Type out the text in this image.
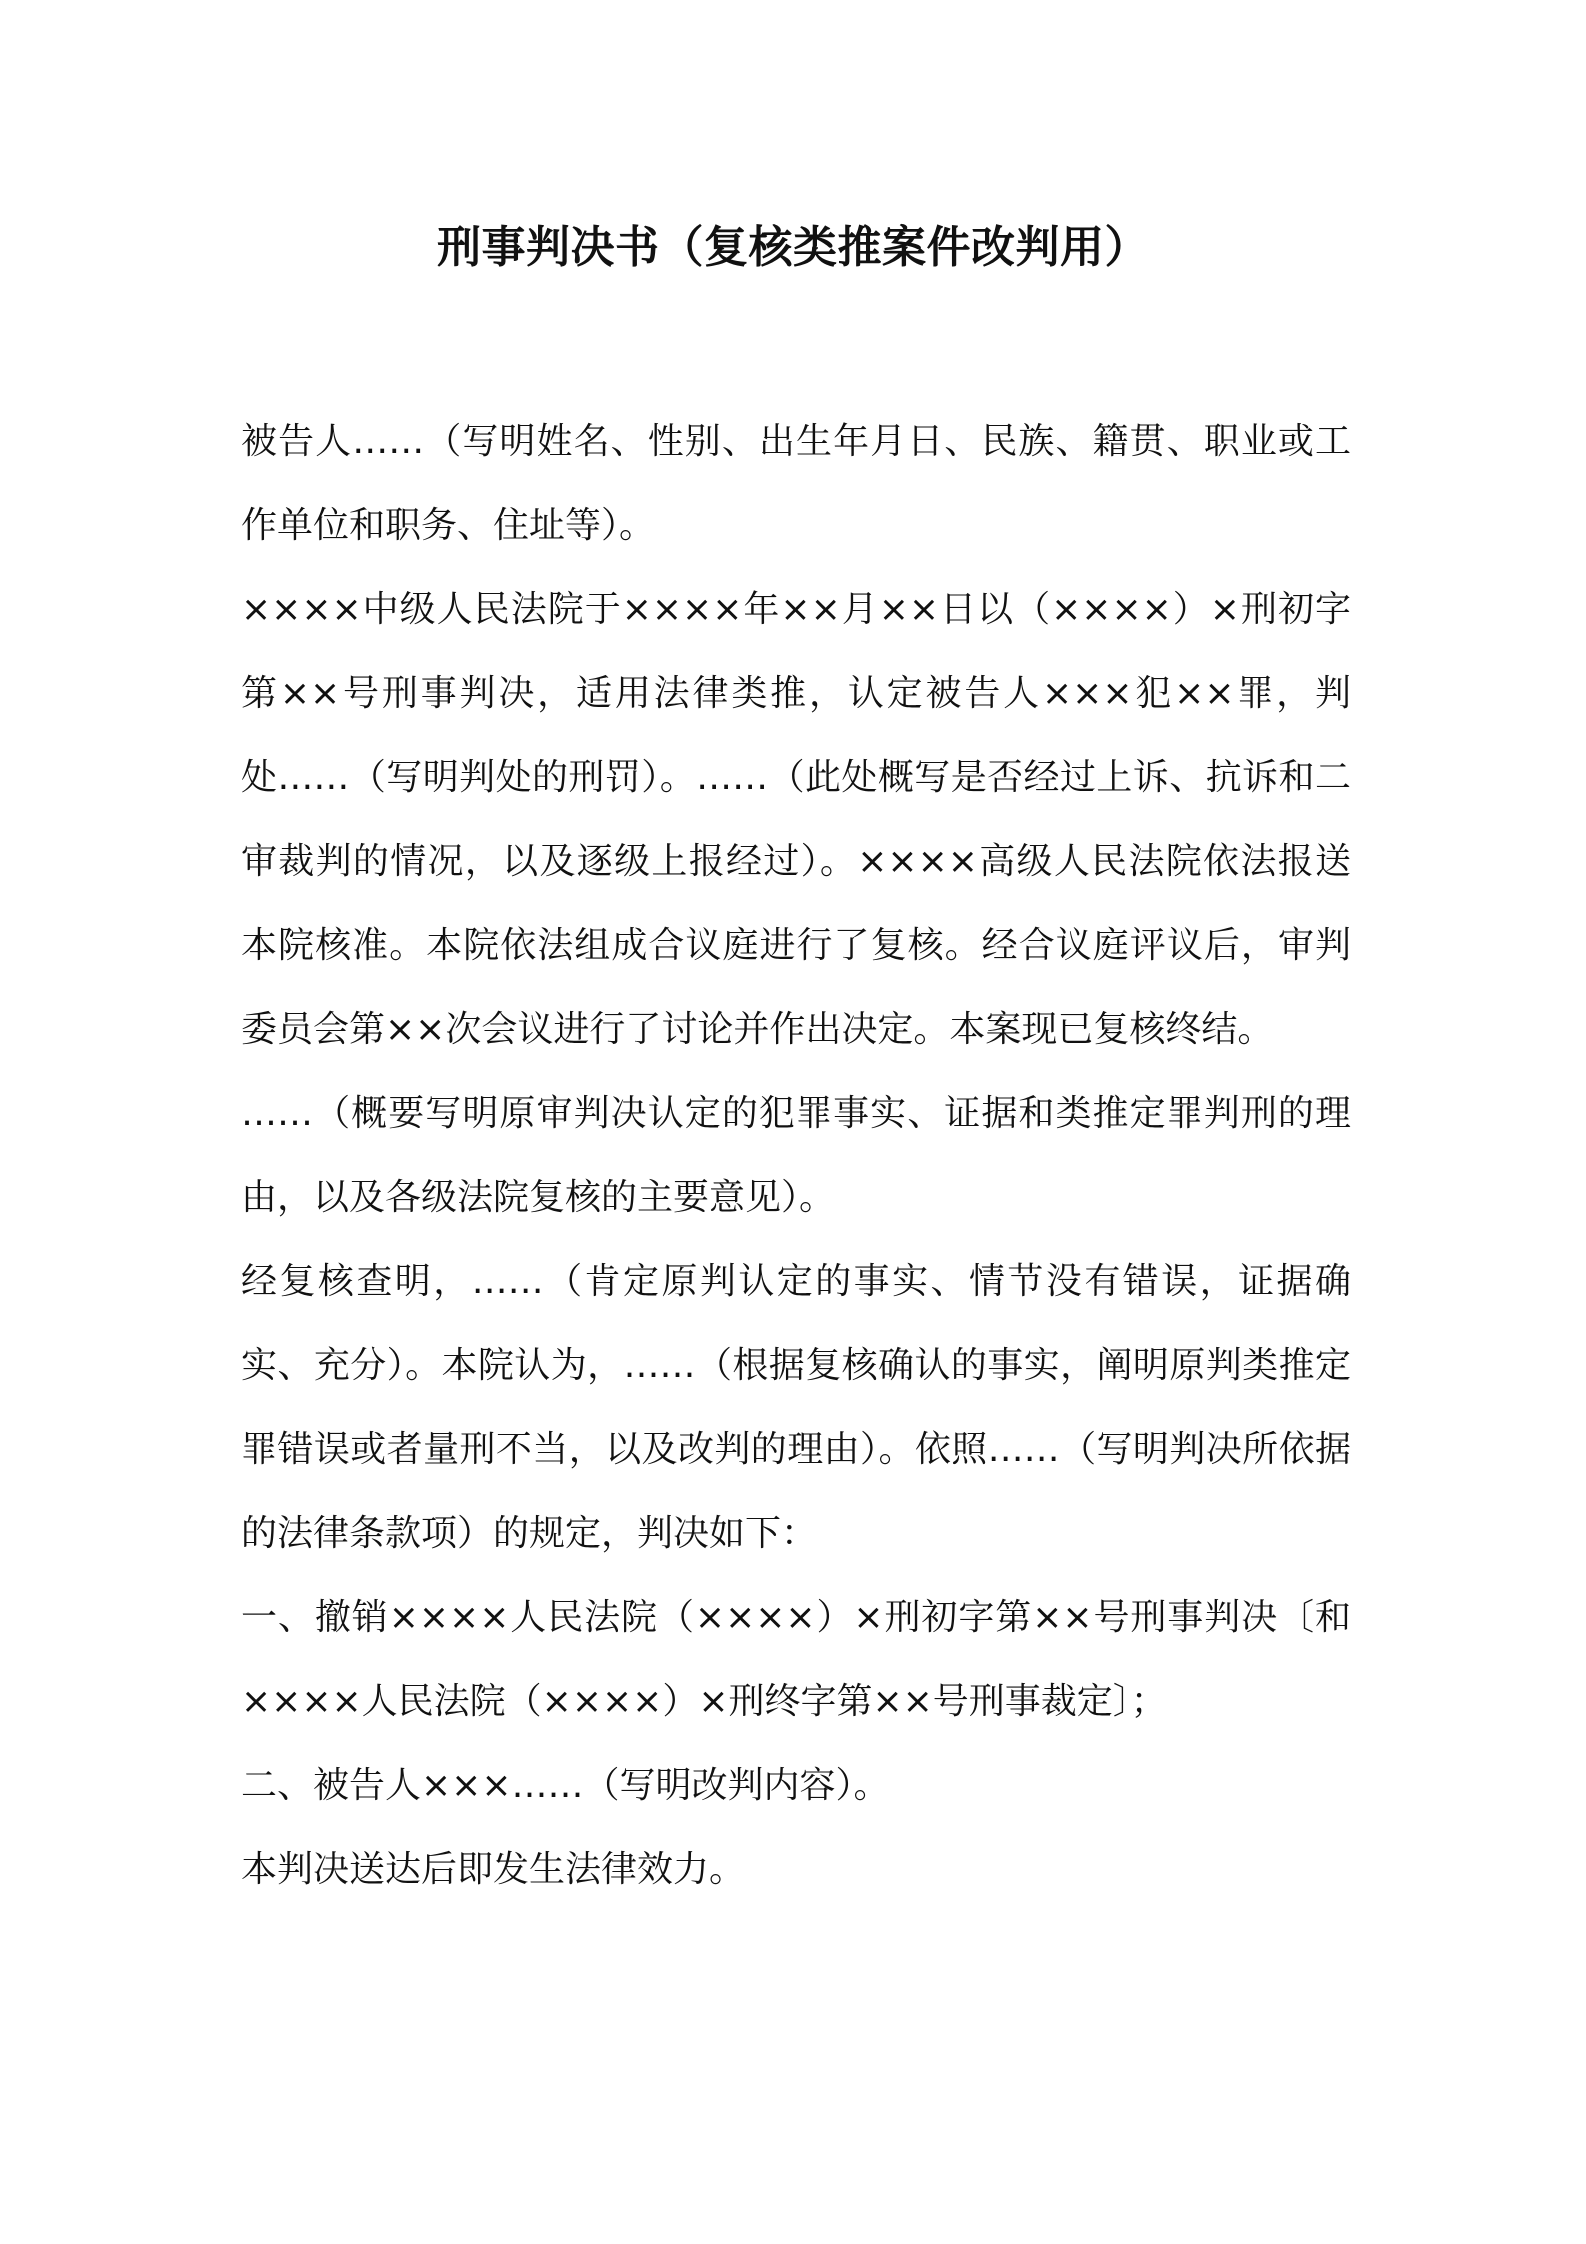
刑事判决书（复核类推案件改判用）

被告人……（写明姓名、性别、出生年月日、民族、籍贯、职业或工作单位和职务、住址等）。

××××中级人民法院于××××年××月××日以（××××）×刑初字第××号刑事判决，适用法律类推，认定被告人×××犯××罪，判处……（写明判处的刑罚）。……（此处概写是否经过上诉、抗诉和二审裁判的情况，以及逐级上报经过）。××××高级人民法院依法报送本院核准。本院依法组成合议庭进行了复核。经合议庭评议后，审判委员会第××次会议进行了讨论并作出决定。本案现已复核终结。

……（概要写明原审判决认定的犯罪事实、证据和类推定罪判刑的理由，以及各级法院复核的主要意见）。

经复核查明，……（肯定原判认定的事实、情节没有错误，证据确实、充分）。本院认为，……（根据复核确认的事实，阐明原判类推定罪错误或者量刑不当，以及改判的理由）。依照……（写明判决所依据的法律条款项）的规定，判决如下：

一、撤销××××人民法院（××××）×刑初字第××号刑事判决〔和××××人民法院（××××）×刑终字第××号刑事裁定〕；

二、被告人×××……（写明改判内容）。

本判决送达后即发生法律效力。
